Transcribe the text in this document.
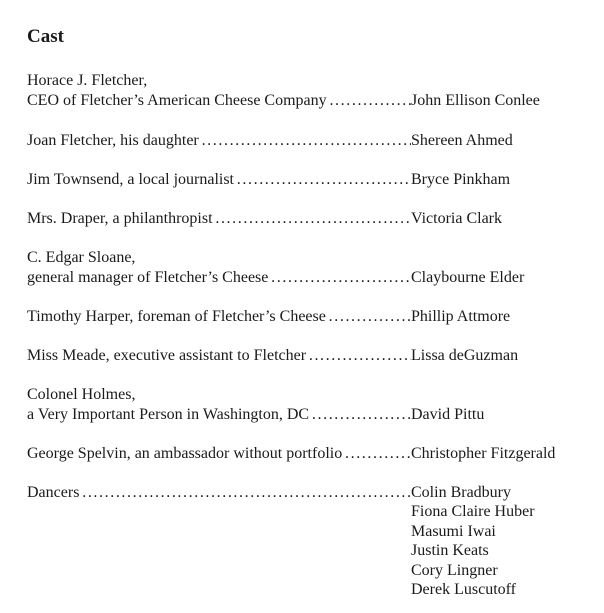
Cast
Horace J. Fletcher,
CEO of Fletcher’s American Cheese Company . . .	John Ellison Conlee
Joan Fletcher, his daughter . . .	Shereen Ahmed
Jim Townsend, a local journalist . . .	Bryce Pinkham
Mrs. Draper, a philanthropist . . .	Victoria Clark
C. Edgar Sloane,
general manager of Fletcher’s Cheese . . .	Claybourne Elder
Timothy Harper, foreman of Fletcher’s Cheese . . .	Phillip Attmore
Miss Meade, executive assistant to Fletcher . . .	Lissa deGuzman
Colonel Holmes,
a Very Important Person in Washington, DC . . .	David Pittu
George Spelvin, an ambassador without portfolio . . .	Christopher Fitzgerald
Dancers . . .	Colin Bradbury
Fiona Claire Huber
Masumi Iwai
Justin Keats
Cory Lingner
Derek Luscutoff
